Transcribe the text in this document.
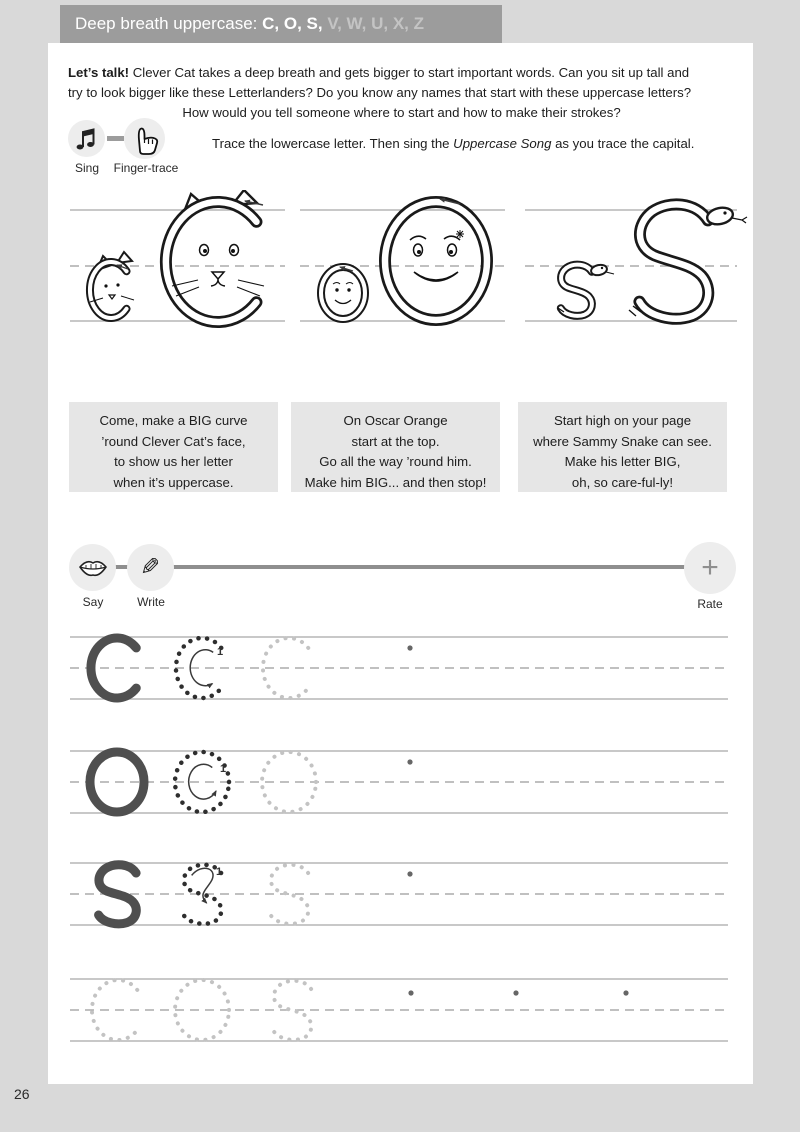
Deep breath uppercase: C, O, S, V, W, U, X, Z
Let’s talk! Clever Cat takes a deep breath and gets bigger to start important words. Can you sit up tall and
try to look bigger like these Letterlanders? Do you know any names that start with these uppercase letters?
How would you tell someone where to start and how to make their strokes?
Sing	Finger-trace
Trace the lowercase letter. Then sing the Uppercase Song as you trace the capital.
Come, make a BIG curve
’round Clever Cat’s face,
to show us her letter
when it’s uppercase.
On Oscar Orange
start at the top.
Go all the way ’round him.
Make him BIG... and then stop!
Start high on your page
where Sammy Snake can see.
Make his letter BIG,
oh, so care-ful-ly!
✎	+
Say	Write	Rate
1
1
1
26
